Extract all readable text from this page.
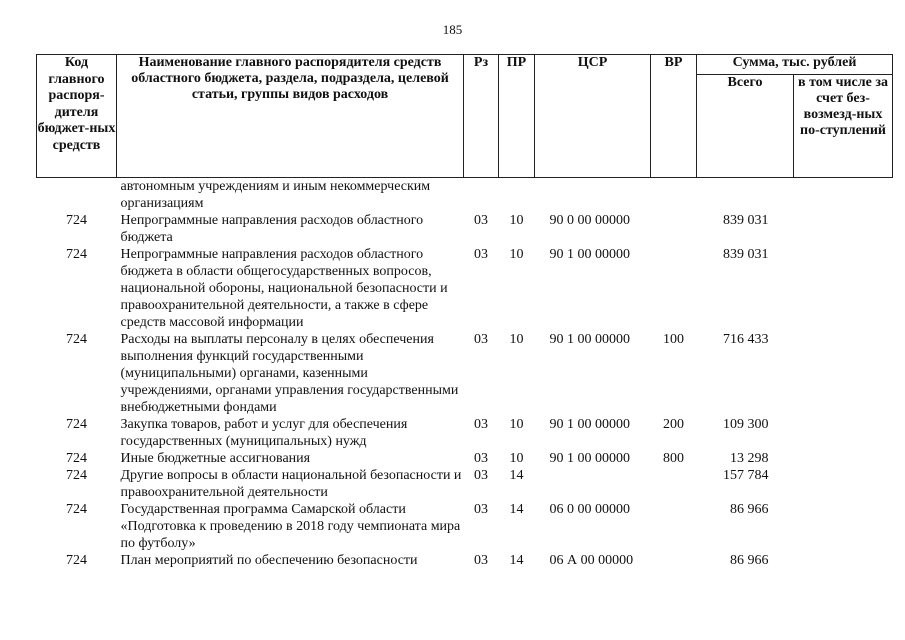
185
Код главного распоря-дителя бюджет-ных средств	Наименование главного распорядителя средств областного бюджета, раздела, подраздела, целевой статьи, группы видов расходов	Рз	ПР	ЦСР	ВР	Сумма, тыс. рублей	
						Всего	в том числе за счет без-возмезд-ных по-ступлений
	автономным учреждениям и иным некоммерческим организациям						
724	Непрограммные направления расходов областного бюджета	03	10	90 0 00 00000		839 031	
724	Непрограммные направления расходов областного бюджета в области общегосударственных вопросов, национальной обороны, национальной безопасности и правоохранительной деятельности, а также в сфере средств массовой информации	03	10	90 1 00 00000		839 031	
724	Расходы на выплаты персоналу в целях обеспечения выполнения функций государственными (муниципальными) органами, казенными учреждениями, органами управления государственными внебюджетными фондами	03	10	90 1 00 00000	100	716 433	
724	Закупка товаров, работ и услуг для обеспечения государственных (муниципальных) нужд	03	10	90 1 00 00000	200	109 300	
724	Иные бюджетные ассигнования	03	10	90 1 00 00000	800	13 298	
724	Другие вопросы в области национальной безопасности и правоохранительной деятельности	03	14			157 784	
724	Государственная программа Самарской области «Подготовка к проведению в 2018 году чемпионата мира по футболу»	03	14	06 0 00 00000		86 966	
724	План мероприятий по обеспечению безопасности	03	14	06 А 00 00000		86 966	
